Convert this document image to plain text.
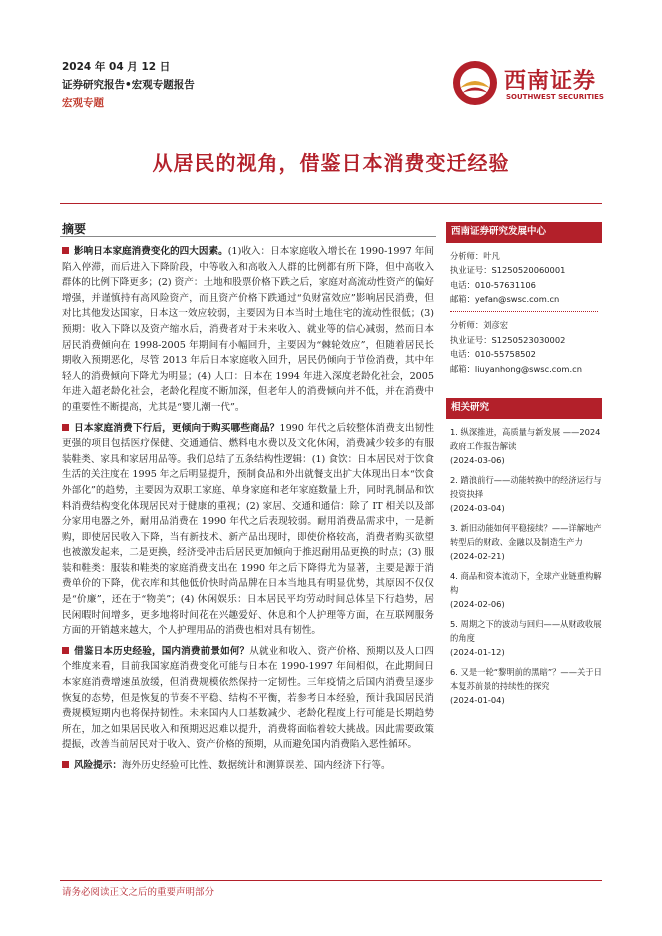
2024 年 04 月 12 日
证券研究报告•宏观专题报告
宏观专题
西南证券
SOUTHWEST SECURITIES
从居民的视角，借鉴日本消费变迁经验
摘要

影响日本家庭消费变化的四大因素。(1)收入：日本家庭收入增长在 1990-1997 年间陷入停滞，而后进入下降阶段，中等收入和高收入人群的比例都有所下降，但中高收入群体的比例下降更多；(2) 资产：土地和股票价格下跌之后，家庭对高流动性资产的偏好增强，并谨慎持有高风险资产，而且资产价格下跌通过“负财富效应”影响居民消费，但对比其他发达国家，日本这一效应较弱，主要因为日本当时土地住宅的流动性很低；(3) 预期：收入下降以及资产缩水后，消费者对于未来收入、就业等的信心减弱，然而日本居民消费倾向在 1998-2005 年期间有小幅回升，主要因为“棘轮效应”，但随着居民长期收入预期恶化，尽管 2013 年后日本家庭收入回升，居民仍倾向于节俭消费，其中年轻人的消费倾向下降尤为明显；(4) 人口：日本在 1994 年进入深度老龄化社会，2005 年进入超老龄化社会，老龄化程度不断加深，但老年人的消费倾向并不低，并在消费中的重要性不断提高，尤其是“婴儿潮一代”。

日本家庭消费下行后，更倾向于购买哪些商品？1990 年代之后较整体消费支出韧性更强的项目包括医疗保健、交通通信、燃料电水费以及文化休闲，消费减少较多的有服装鞋类、家具和家居用品等。我们总结了五条结构性逻辑：(1) 食饮：日本居民对于饮食生活的关注度在 1995 年之后明显提升，预制食品和外出就餐支出扩大体现出日本“饮食外部化”的趋势，主要因为双职工家庭、单身家庭和老年家庭数量上升，同时乳制品和饮料消费结构变化体现居民对于健康的重视；(2) 家居、交通和通信：除了 IT 相关以及部分家用电器之外，耐用品消费在 1990 年代之后表现较弱。耐用消费品需求中，一是新购，即使居民收入下降，当有新技术、新产品出现时，即使价格较高，消费者购买欲望也被激发起来，二是更换，经济受冲击后居民更加倾向于推迟耐用品更换的时点；(3) 服装和鞋类：服装和鞋类的家庭消费支出在 1990 年之后下降得尤为显著，主要是源于消费单价的下降，优衣库和其他低价快时尚品牌在日本当地具有明显优势，其原因不仅仅是“价廉”，还在于“物美”；(4) 休闲娱乐：日本居民平均劳动时间总体呈下行趋势，居民闲暇时间增多，更多地将时间花在兴趣爱好、休息和个人护理等方面，在互联网服务方面的开销越来越大，个人护理用品的消费也相对具有韧性。

借鉴日本历史经验，国内消费前景如何？从就业和收入、资产价格、预期以及人口四个维度来看，目前我国家庭消费变化可能与日本在 1990-1997 年间相似，在此期间日本家庭消费增速虽放缓，但消费规模依然保持一定韧性。三年疫情之后国内消费呈逐步恢复的态势，但是恢复的节奏不平稳、结构不平衡，若参考日本经验，预计我国居民消费规模短期内也将保持韧性。未来国内人口基数减少、老龄化程度上行可能是长期趋势所在，加之如果居民收入和预期迟迟难以提升，消费将面临着较大挑战。因此需要政策提振，改善当前居民对于收入、资产价格的预期，从而避免国内消费陷入恶性循环。

风险提示：海外历史经验可比性、数据统计和测算误差、国内经济下行等。

西南证券研究发展中心
分析师：叶凡
执业证号：S1250520060001
电话：010-57631106
邮箱：yefan@swsc.com.cn
分析师：刘彦宏
执业证号：S1250523030002
电话：010-55758502
邮箱：liuyanhong@swsc.com.cn
相关研究
1. 纵深推进，高质量与新发展 ——2024 政府工作报告解读
(2024-03-06)
2. 踏浪前行——动能转换中的经济运行与投资抉择
(2024-03-04)
3. 新旧动能如何平稳接续？——详解地产转型后的财政、金融以及制造生产力
(2024-02-21)
4. 商品和资本流动下，全球产业链重构解构
(2024-02-06)
5. 周期之下的波动与回归——从财政收展的角度
(2024-01-12)
6. 又是一轮“黎明前的黑暗”？——关于日本复苏前景的持续性的探究
(2024-01-04)
请务必阅读正文之后的重要声明部分
